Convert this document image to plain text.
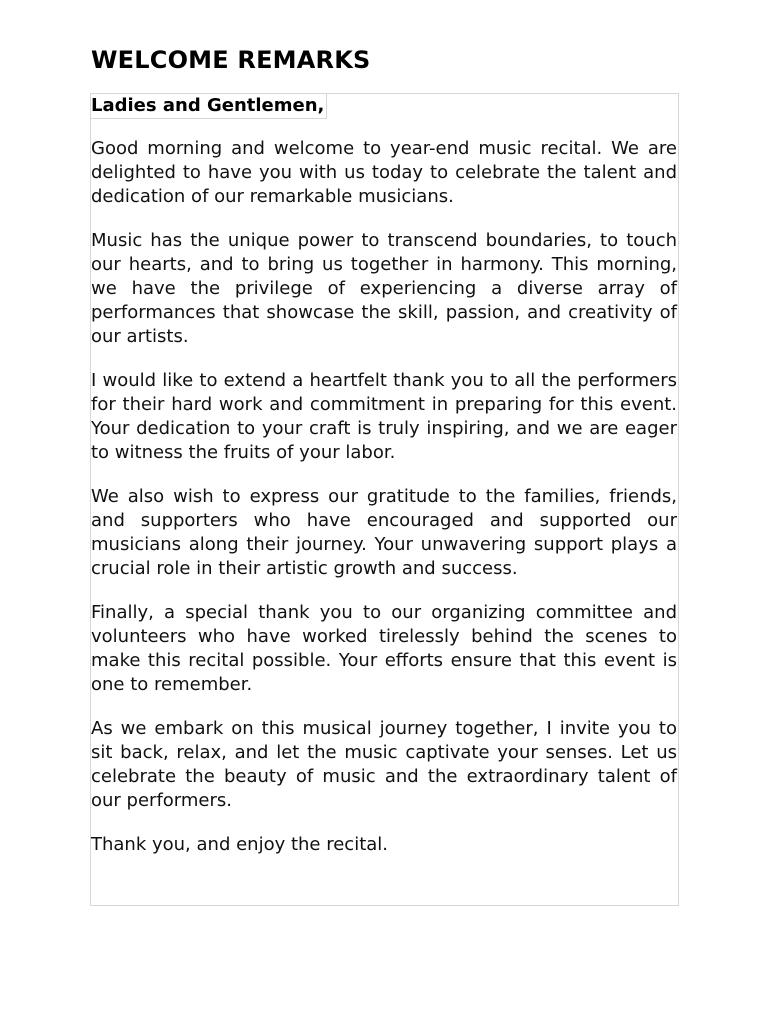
WELCOME REMARKS

Ladies and Gentlemen,

Good morning and welcome to year-end music recital. We are delighted to have you with us today to celebrate the talent and dedication of our remarkable musicians.

Music has the unique power to transcend boundaries, to touch our hearts, and to bring us together in harmony. This morning, we have the privilege of experiencing a diverse array of performances that showcase the skill, passion, and creativity of our artists.

I would like to extend a heartfelt thank you to all the performers for their hard work and commitment in preparing for this event. Your dedication to your craft is truly inspiring, and we are eager to witness the fruits of your labor.

We also wish to express our gratitude to the families, friends, and supporters who have encouraged and supported our musicians along their journey. Your unwavering support plays a crucial role in their artistic growth and success.

Finally, a special thank you to our organizing committee and volunteers who have worked tirelessly behind the scenes to make this recital possible. Your efforts ensure that this event is one to remember.

As we embark on this musical journey together, I invite you to sit back, relax, and let the music captivate your senses. Let us celebrate the beauty of music and the extraordinary talent of our performers.

Thank you, and enjoy the recital.
